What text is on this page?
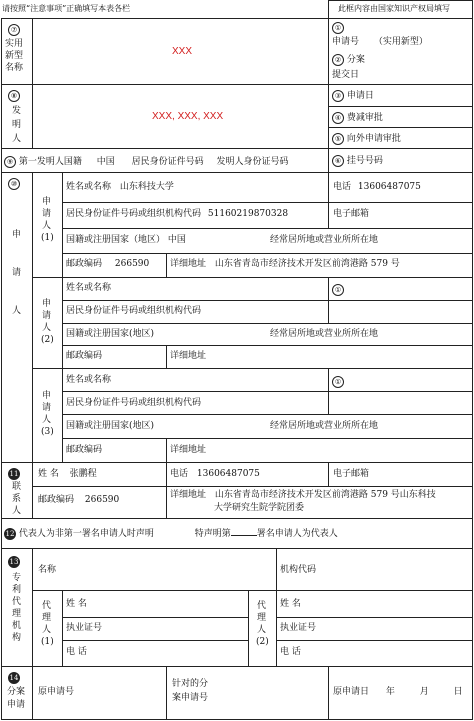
请按照“注意事项”正确填写本表各栏	此框内容由国家知识产权局填写
⑦
实用新型名称
XXX
⑧
发明人
XXX, XXX, XXX
①
申请号 （实用新型）
② 分案
提交日
③ 申请日
④ 费减审批
⑤ 向外申请审批
⑥ 挂号号码
⑨ 第一发明人国籍 中国 居民身份证件号码 发明人身份证号码
⑩
申请人
申请人(1)
姓名或名称 山东科技大学	电话 13606487075
居民身份证件号码或组织机构代码 51160219870328	电子邮箱
国籍或注册国家（地区） 中国	经常居所地或营业所所在地
邮政编码 266590 详细地址 山东省青岛市经济技术开发区前湾港路 579 号
申请人(2)
姓名或名称	①
居民身份证件号码或组织机构代码
国籍或注册国家(地区)	经常居所地或营业所所在地
邮政编码	详细地址
申请人(3)
姓名或名称	①
居民身份证件号码或组织机构代码
国籍或注册国家(地区)	经常居所地或营业所所在地
邮政编码	详细地址
11
联系人
姓 名 张鹏程	电话 13606487075	电子邮箱
邮政编码 266590	详细地址 山东省青岛市经济技术开发区前湾港路 579 号山东科技
大学研究生院学院团委
12 代表人为非第一署名申请人时声明	特声明第	署名申请人为代表人
13
专利代理机构
名称	机构代码
代理人(1)
姓 名
执业证号
电 话
代理人(2)
姓 名
执业证号
电 话
14
分案申请
原申请号
针对的分
案申请号
原申请日 年	月	日
